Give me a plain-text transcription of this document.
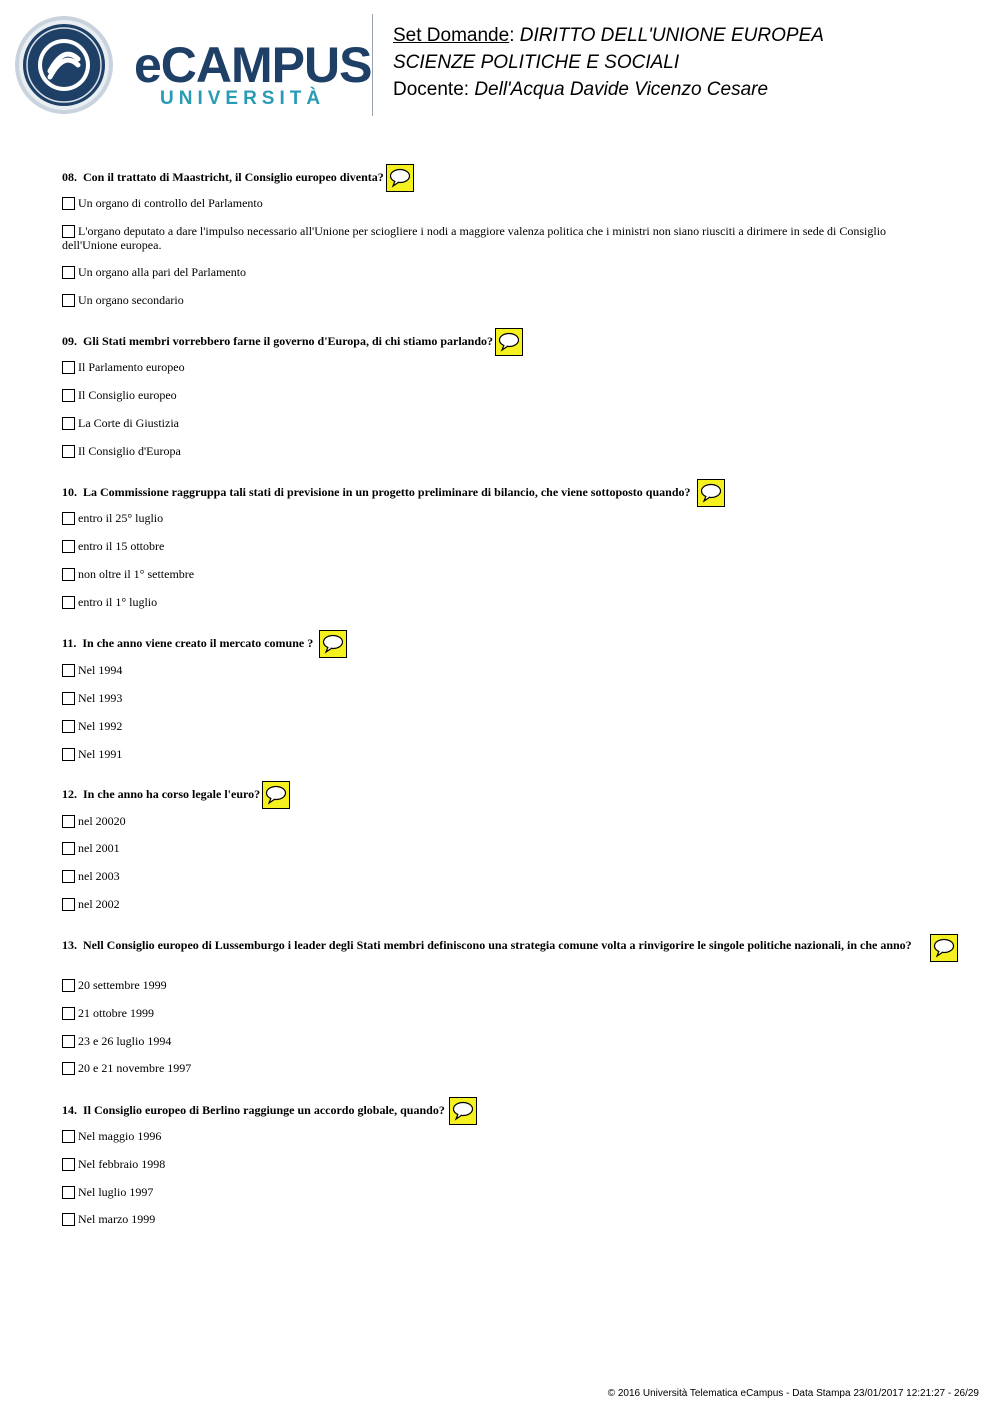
eCAMPUS
UNIVERSITÀ
Set Domande: DIRITTO DELL'UNIONE EUROPEA
SCIENZE POLITICHE E SOCIALI
Docente: Dell'Acqua Davide Vicenzo Cesare

08. Con il trattato di Maastricht, il Consiglio europeo diventa?

Un organo di controllo del Parlamento
L'organo deputato a dare l'impulso necessario all'Unione per sciogliere i nodi a maggiore valenza politica che i ministri non siano riusciti a dirimere in sede di Consiglio dell'Unione europea.
Un organo alla pari del Parlamento
Un organo secondario

09. Gli Stati membri vorrebbero farne il governo d'Europa, di chi stiamo parlando?

Il Parlamento europeo
Il Consiglio europeo
La Corte di Giustizia
Il Consiglio d'Europa

10. La Commissione raggruppa tali stati di previsione in un progetto preliminare di bilancio, che viene sottoposto quando?

entro il 25° luglio
entro il 15 ottobre
non oltre il 1° settembre
entro il 1° luglio

11. In che anno viene creato il mercato comune ?

Nel 1994
Nel 1993
Nel 1992
Nel 1991

12. In che anno ha corso legale l'euro?

nel 20020
nel 2001
nel 2003
nel 2002

13. Nell Consiglio europeo di Lussemburgo i leader degli Stati membri definiscono una strategia comune volta a rinvigorire le singole politiche nazionali, in che anno?

20 settembre 1999
21 ottobre 1999
23 e 26 luglio 1994
20 e 21 novembre 1997

14. Il Consiglio europeo di Berlino raggiunge un accordo globale, quando?

Nel maggio 1996
Nel febbraio 1998
Nel luglio 1997
Nel marzo 1999
© 2016 Università Telematica eCampus - Data Stampa 23/01/2017 12:21:27 - 26/29
